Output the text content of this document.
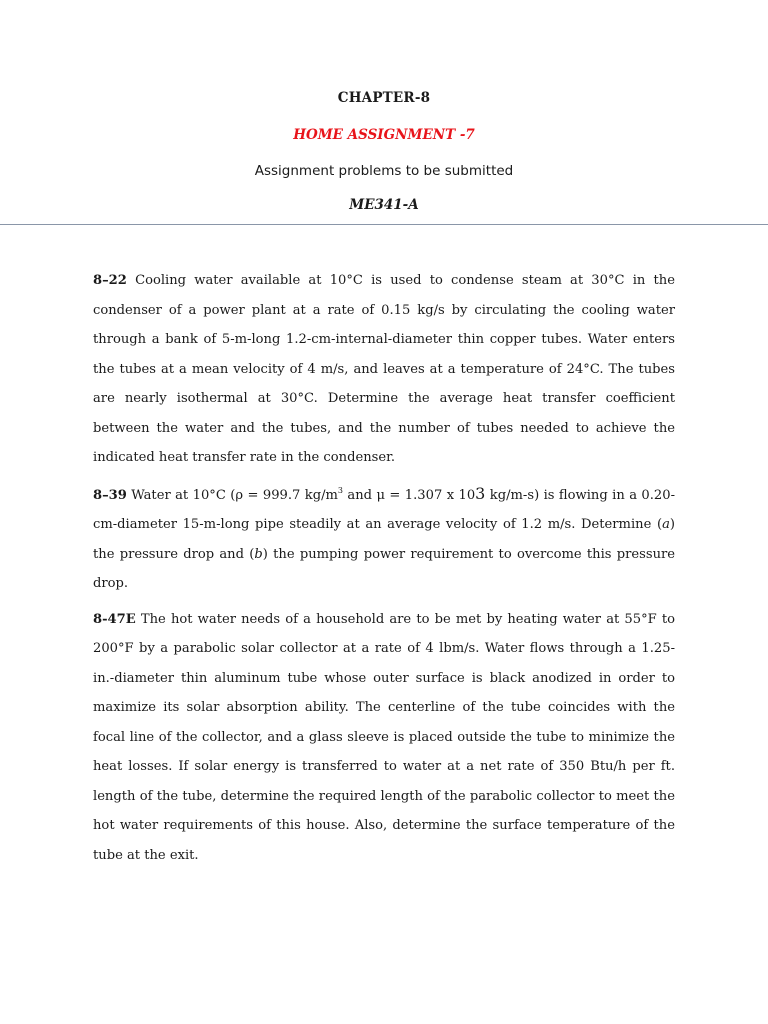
CHAPTER-8
HOME ASSIGNMENT -7
Assignment problems to be submitted
ME341-A

8–22 Cooling water available at 10°C is used to condense steam at 30°C in the condenser of a power plant at a rate of 0.15 kg/s by circulating the cooling water through a bank of 5-m-long 1.2-cm-internal-diameter thin copper tubes. Water enters the tubes at a mean velocity of 4 m/s, and leaves at a temperature of 24°C. The tubes are nearly isothermal at 30°C. Determine the average heat transfer coefficient between the water and the tubes, and the number of tubes needed to achieve the indicated heat transfer rate in the condenser.

8–39 Water at 10°C (ρ = 999.7 $kg/m^3$ and μ = 1.307 x 103 kg/m-s) is flowing in a 0.20-cm-diameter 15-m-long pipe steadily at an average velocity of 1.2 m/s. Determine (a) the pressure drop and (b) the pumping power requirement to overcome this pressure drop.

8-47E The hot water needs of a household are to be met by heating water at 55°F to 200°F by a parabolic solar collector at a rate of 4 lbm/s. Water flows through a 1.25-in.-diameter thin aluminum tube whose outer surface is black anodized in order to maximize its solar absorption ability. The centerline of the tube coincides with the focal line of the collector, and a glass sleeve is placed outside the tube to minimize the heat losses. If solar energy is transferred to water at a net rate of 350 Btu/h per ft. length of the tube, determine the required length of the parabolic collector to meet the hot water requirements of this house. Also, determine the surface temperature of the tube at the exit.
